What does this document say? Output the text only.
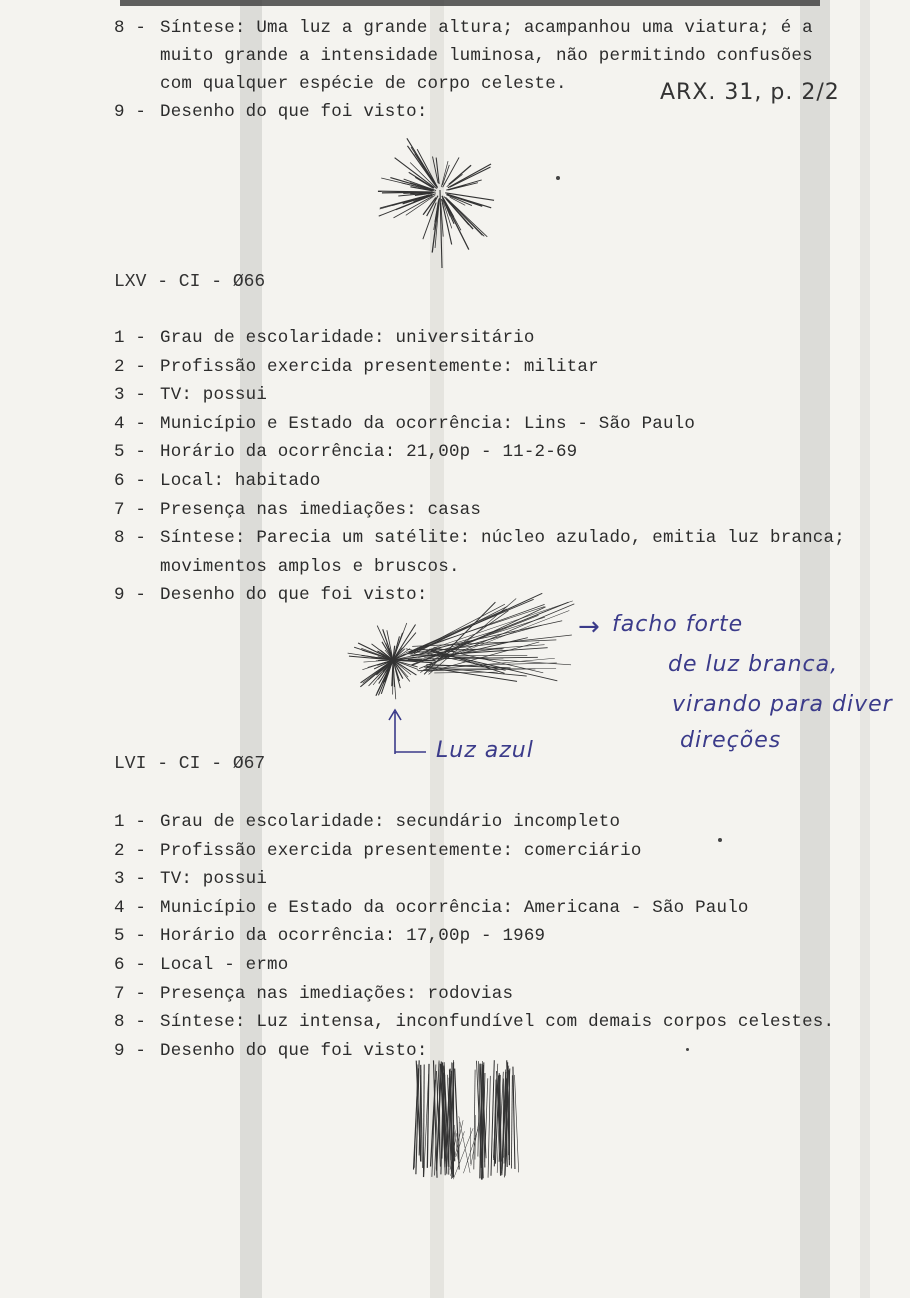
ARX. 31, p. 2/2
8 - Síntese: Uma luz a grande altura; acampanhou uma viatura; é a
muito grande a intensidade luminosa, não permitindo confusões
com qualquer espécie de corpo celeste.
9 - Desenho do que foi visto:
LXV - CI - Ø66
1 - Grau de escolaridade: universitário
2 - Profissão exercida presentemente: militar
3 - TV: possui
4 - Município e Estado da ocorrência: Lins - São Paulo
5 - Horário da ocorrência: 21,00p - 11-2-69
6 - Local: habitado
7 - Presença nas imediações: casas
8 - Síntese: Parecia um satélite: núcleo azulado, emitia luz branca;
movimentos amplos e bruscos.
9 - Desenho do que foi visto:
→ facho forte
de luz branca,
virando para diver
direções
Luz azul
LVI - CI - Ø67
1 - Grau de escolaridade: secundário incompleto
2 - Profissão exercida presentemente: comerciário
3 - TV: possui
4 - Município e Estado da ocorrência: Americana - São Paulo
5 - Horário da ocorrência: 17,00p - 1969
6 - Local - ermo
7 - Presença nas imediações: rodovias
8 - Síntese: Luz intensa, inconfundível com demais corpos celestes.
9 - Desenho do que foi visto:
